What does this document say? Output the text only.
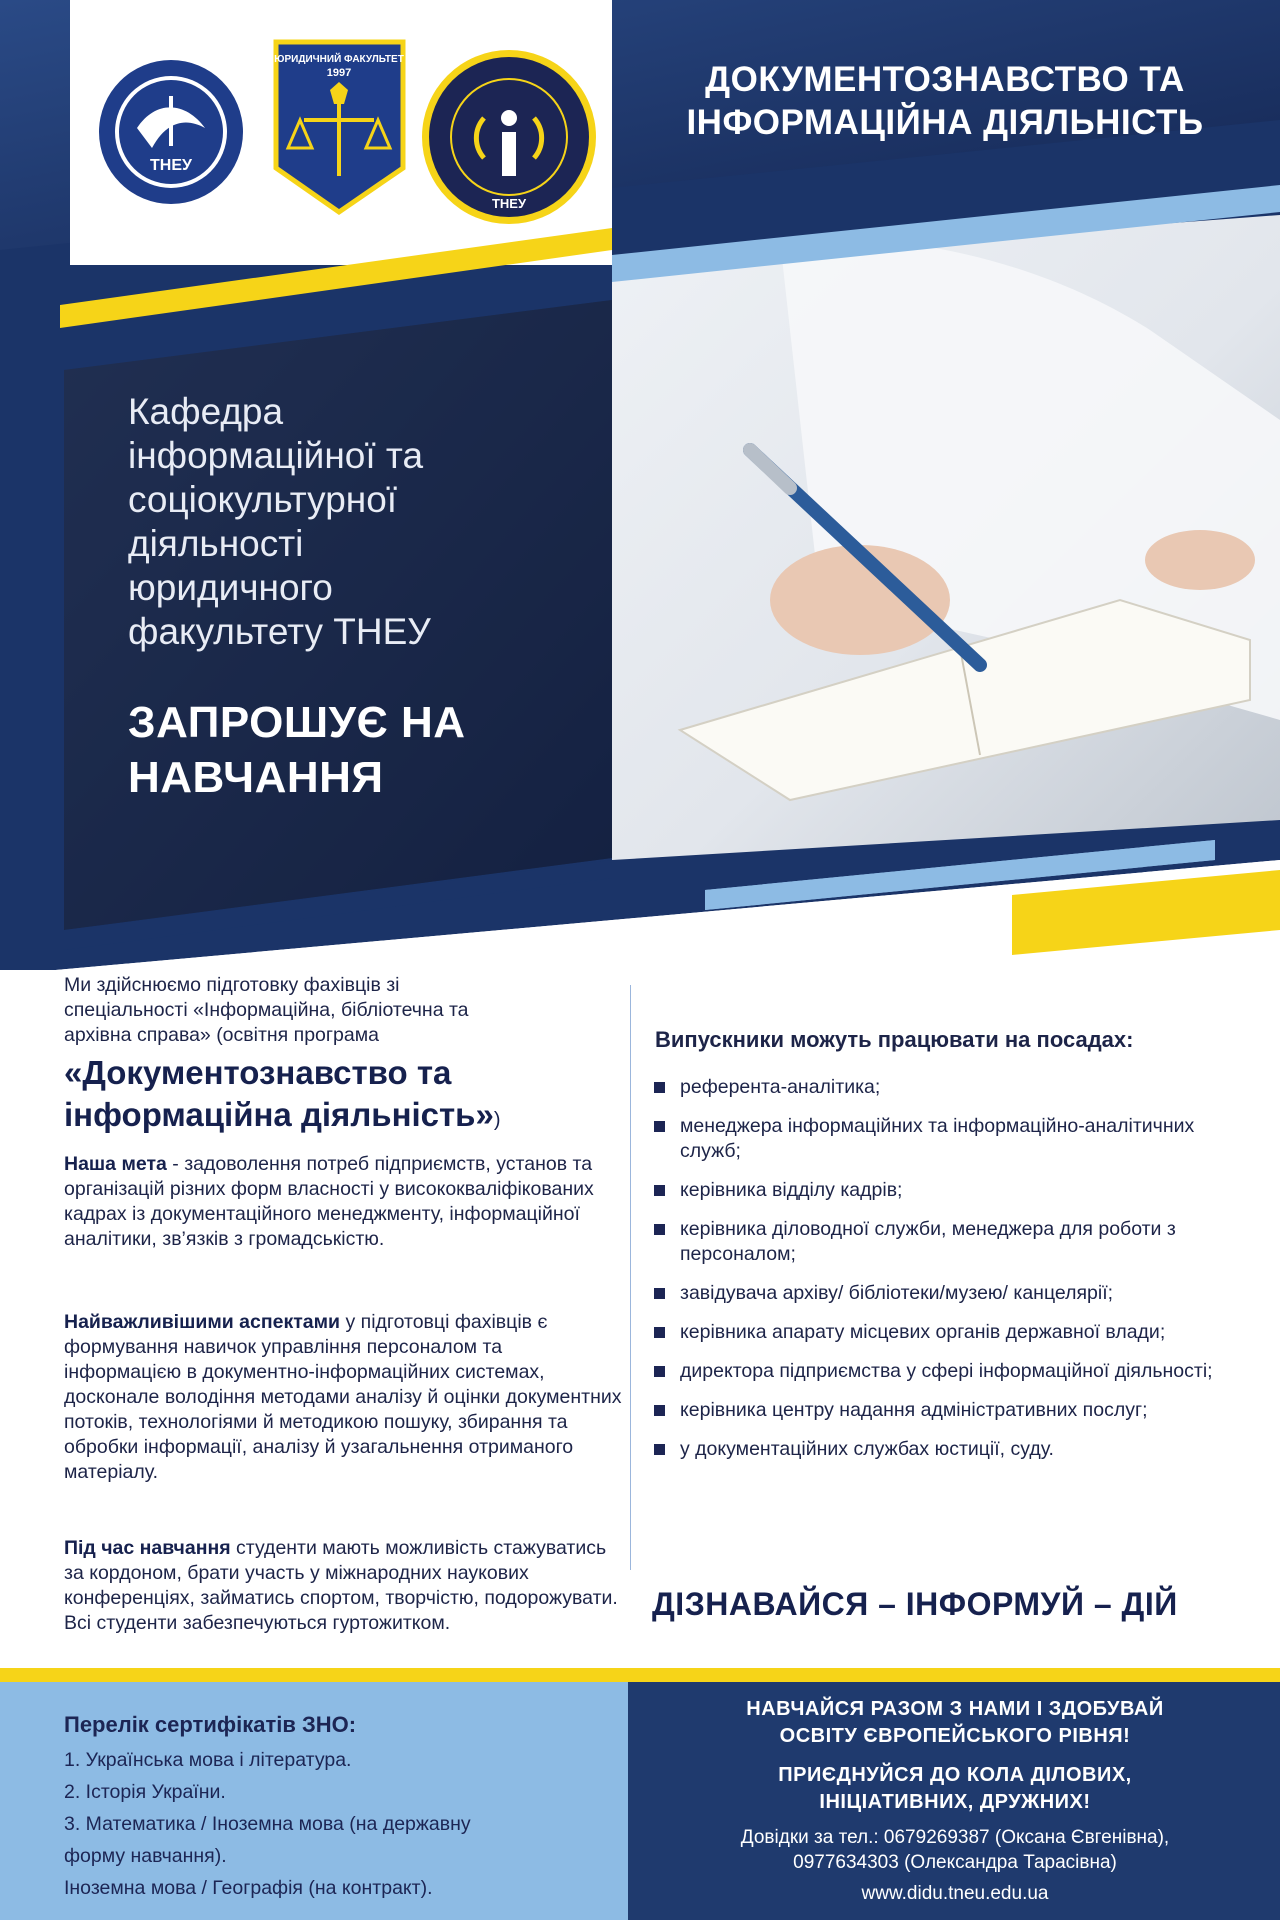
ТНЕУ
ЮРИДИЧНИЙ ФАКУЛЬТЕТ
1997
ТНЕУ
ДОКУМЕНТОЗНАВСТВО ТА
ІНФОРМАЦІЙНА ДІЯЛЬНІСТЬ
Кафедра
інформаційної та
соціокультурної
діяльності
юридичного
факультету ТНЕУ
ЗАПРОШУЄ НА
НАВЧАННЯ
Ми здійснюємо підготовку фахівців зі
спеціальності «Інформаційна, бібліотечна та
архівна справа» (освітня програма
«Документознавство та
інформаційна діяльність»)
Наша мета - задоволення потреб підприємств, установ та організацій різних форм власності у висококваліфікованих кадрах із документаційного менеджменту, інформаційної аналітики, зв’язків з громадськістю.
Найважливішими аспектами у підготовці фахівців є формування навичок управління персоналом та інформацією в документно-інформаційних системах, досконале володіння методами аналізу й оцінки документних потоків, технологіями й методикою пошуку, збирання та обробки інформації, аналізу й узагальнення отриманого матеріалу.
Під час навчання студенти мають можливість стажуватись за кордоном, брати участь у міжнародних наукових конференціях, займатись спортом, творчістю, подорожувати. Всі студенти забезпечуються гуртожитком.
Випускники можуть працювати на посадах:
референта-аналітика;
менеджера інформаційних та інформаційно-аналітичних служб;
керівника відділу кадрів;
керівника діловодної служби, менеджера для роботи з персоналом;
завідувача архіву/ бібліотеки/музею/ канцелярії;
керівника апарату місцевих органів державної влади;
директора підприємства у сфері інформаційної діяльності;
керівника центру надання адміністративних послуг;
у документаційних службах юстиції, суду.
ДІЗНАВАЙСЯ – ІНФОРМУЙ – ДІЙ
Перелік сертифікатів ЗНО:
1. Українська мова і література.
2. Історія України.
3. Математика / Іноземна мова (на державну
форму навчання).
Іноземна мова / Географія (на контракт).
НАВЧАЙСЯ РАЗОМ З НАМИ І ЗДОБУВАЙ
ОСВІТУ ЄВРОПЕЙСЬКОГО РІВНЯ!
ПРИЄДНУЙСЯ ДО КОЛА ДІЛОВИХ,
ІНІЦІАТИВНИХ, ДРУЖНИХ!
Довідки за тел.: 0679269387 (Оксана Євгенівна),
0977634303 (Олександра Тарасівна)
www.didu.tneu.edu.ua
